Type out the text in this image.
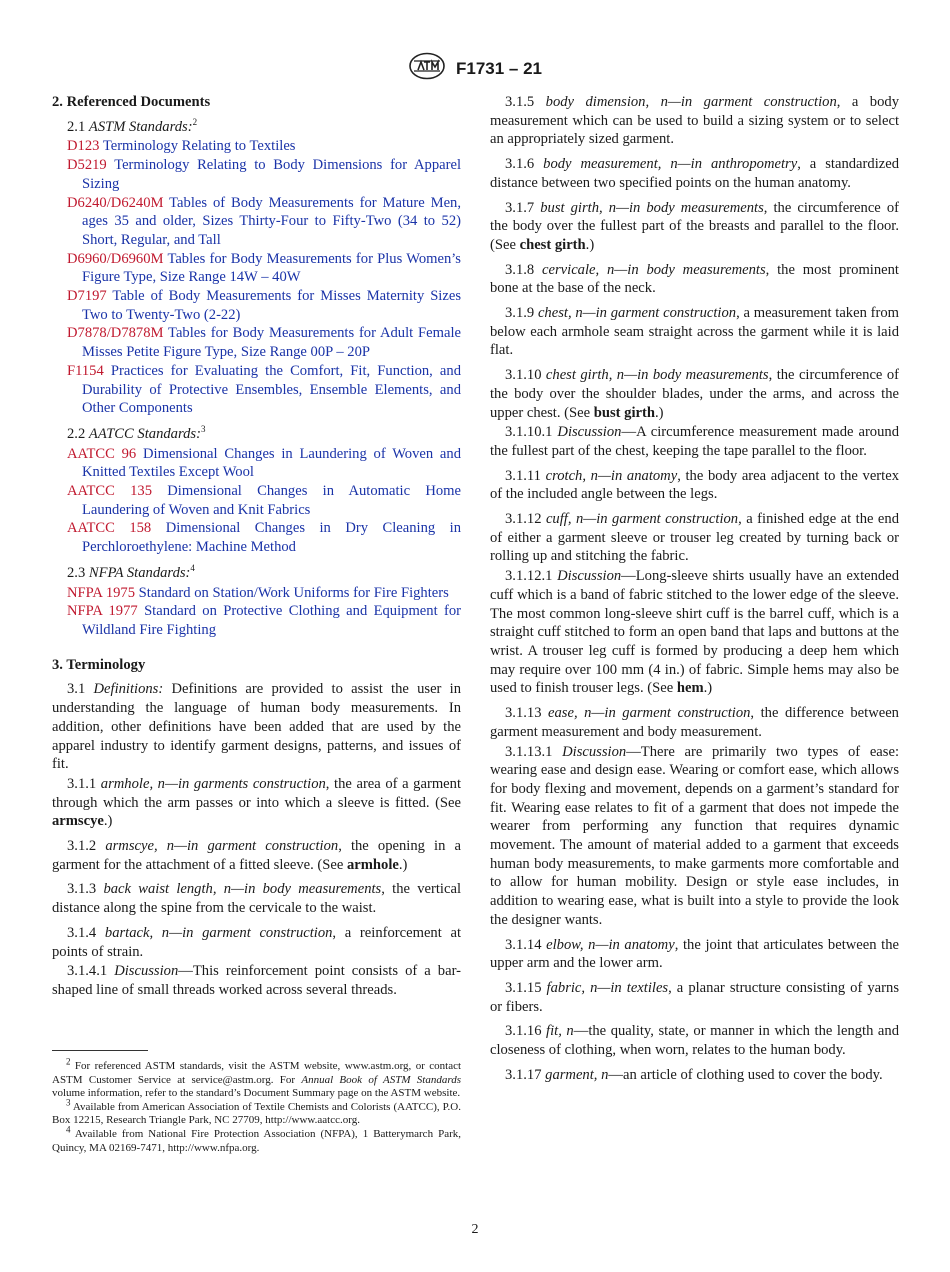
F1731 – 21
2. Referenced Documents
2.1 ASTM Standards:$^2$
D123 Terminology Relating to Textiles
D5219 Terminology Relating to Body Dimensions for Apparel Sizing
D6240/D6240M Tables of Body Measurements for Mature Men, ages 35 and older, Sizes Thirty-Four to Fifty-Two (34 to 52) Short, Regular, and Tall
D6960/D6960M Tables for Body Measurements for Plus Women’s Figure Type, Size Range 14W – 40W
D7197 Table of Body Measurements for Misses Maternity Sizes Two to Twenty-Two (2-22)
D7878/D7878M Tables for Body Measurements for Adult Female Misses Petite Figure Type, Size Range 00P – 20P
F1154 Practices for Evaluating the Comfort, Fit, Function, and Durability of Protective Ensembles, Ensemble Elements, and Other Components
2.2 AATCC Standards:$^3$
AATCC 96 Dimensional Changes in Laundering of Woven and Knitted Textiles Except Wool
AATCC 135 Dimensional Changes in Automatic Home Laundering of Woven and Knit Fabrics
AATCC 158 Dimensional Changes in Dry Cleaning in Perchloroethylene: Machine Method
2.3 NFPA Standards:$^4$
NFPA 1975 Standard on Station/Work Uniforms for Fire Fighters
NFPA 1977 Standard on Protective Clothing and Equipment for Wildland Fire Fighting
3. Terminology

3.1 Definitions: Definitions are provided to assist the user in understanding the language of human body measurements. In addition, other definitions have been added that are used by the apparel industry to identify garment designs, patterns, and issues of fit.

3.1.1 armhole, n—in garments construction, the area of a garment through which the arm passes or into which a sleeve is fitted. (See armscye.)

3.1.2 armscye, n—in garment construction, the opening in a garment for the attachment of a fitted sleeve. (See armhole.)

3.1.3 back waist length, n—in body measurements, the vertical distance along the spine from the cervicale to the waist.

3.1.4 bartack, n—in garment construction, a reinforcement at points of strain.

3.1.4.1 Discussion—This reinforcement point consists of a bar-shaped line of small threads worked across several threads.

$^2$ For referenced ASTM standards, visit the ASTM website, www.astm.org, or contact ASTM Customer Service at service@astm.org. For Annual Book of ASTM Standards volume information, refer to the standard’s Document Summary page on the ASTM website.

$^3$ Available from American Association of Textile Chemists and Colorists (AATCC), P.O. Box 12215, Research Triangle Park, NC 27709, http://www.aatcc.org.

$^4$ Available from National Fire Protection Association (NFPA), 1 Batterymarch Park, Quincy, MA 02169-7471, http://www.nfpa.org.

3.1.5 body dimension, n—in garment construction, a body measurement which can be used to build a sizing system or to select an appropriately sized garment.

3.1.6 body measurement, n—in anthropometry, a standardized distance between two specified points on the human anatomy.

3.1.7 bust girth, n—in body measurements, the circumference of the body over the fullest part of the breasts and parallel to the floor. (See chest girth.)

3.1.8 cervicale, n—in body measurements, the most prominent bone at the base of the neck.

3.1.9 chest, n—in garment construction, a measurement taken from below each armhole seam straight across the garment while it is laid flat.

3.1.10 chest girth, n—in body measurements, the circumference of the body over the shoulder blades, under the arms, and across the upper chest. (See bust girth.)

3.1.10.1 Discussion—A circumference measurement made around the fullest part of the chest, keeping the tape parallel to the floor.

3.1.11 crotch, n—in anatomy, the body area adjacent to the vertex of the included angle between the legs.

3.1.12 cuff, n—in garment construction, a finished edge at the end of either a garment sleeve or trouser leg created by turning back or rolling up and stitching the fabric.

3.1.12.1 Discussion—Long-sleeve shirts usually have an extended cuff which is a band of fabric stitched to the lower edge of the sleeve. The most common long-sleeve shirt cuff is the barrel cuff, which is a straight cuff stitched to form an open band that laps and buttons at the wrist. A trouser leg cuff is formed by producing a deep hem which may require over 100 mm (4 in.) of fabric. Simple hems may also be used to finish trouser legs. (See hem.)

3.1.13 ease, n—in garment construction, the difference between garment measurement and body measurement.

3.1.13.1 Discussion—There are primarily two types of ease: wearing ease and design ease. Wearing or comfort ease, which allows for body flexing and movement, depends on a garment’s standard for fit. Wearing ease relates to fit of a garment that does not impede the wearer from performing any function that requires dynamic movement. The amount of material added to a garment that exceeds human body measurements, to make garments more comfortable and to allow for human mobility. Design or style ease includes, in addition to wearing ease, what is built into a style to provide the look the designer wants.

3.1.14 elbow, n—in anatomy, the joint that articulates between the upper arm and the lower arm.

3.1.15 fabric, n—in textiles, a planar structure consisting of yarns or fibers.

3.1.16 fit, n—the quality, state, or manner in which the length and closeness of clothing, when worn, relates to the human body.

3.1.17 garment, n—an article of clothing used to cover the body.

2
